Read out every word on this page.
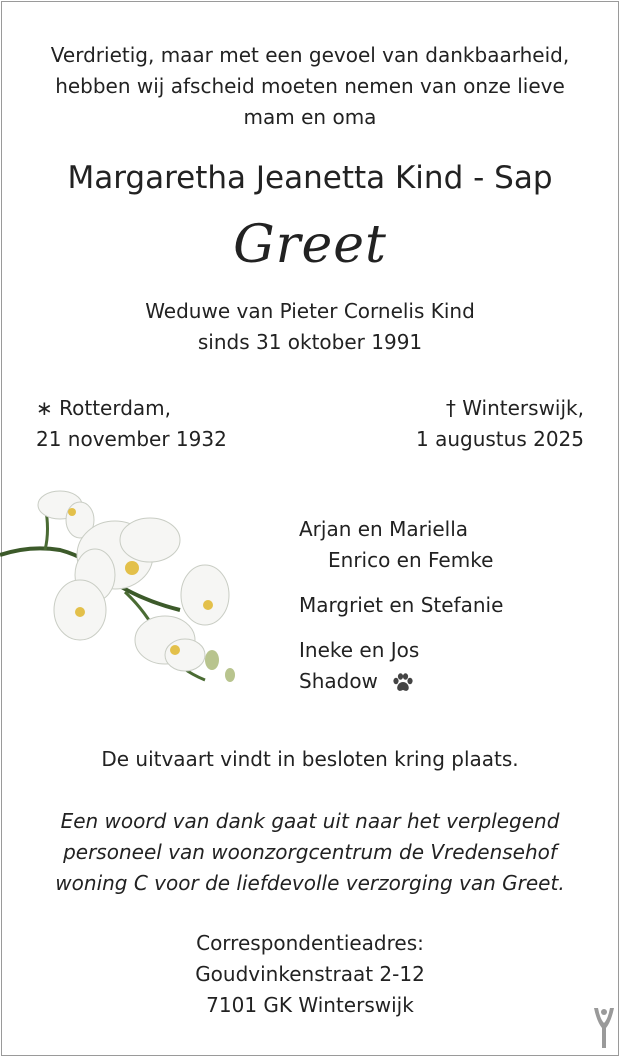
Verdrietig, maar met een gevoel van dankbaarheid,
hebben wij afscheid moeten nemen van onze lieve
mam en oma
Margaretha Jeanetta Kind - Sap
Greet
Weduwe van Pieter Cornelis Kind
sinds 31 oktober 1991
∗ Rotterdam,
21 november 1932
† Winterswijk,
1 augustus 2025
Arjan en Mariella
Enrico en Femke
Margriet en Stefanie
Ineke en Jos
Shadow
De uitvaart vindt in besloten kring plaats.
Een woord van dank gaat uit naar het verplegend
personeel van woonzorgcentrum de Vredensehof
woning C voor de liefdevolle verzorging van Greet.
Correspondentieadres:
Goudvinkenstraat 2-12
7101 GK Winterswijk
